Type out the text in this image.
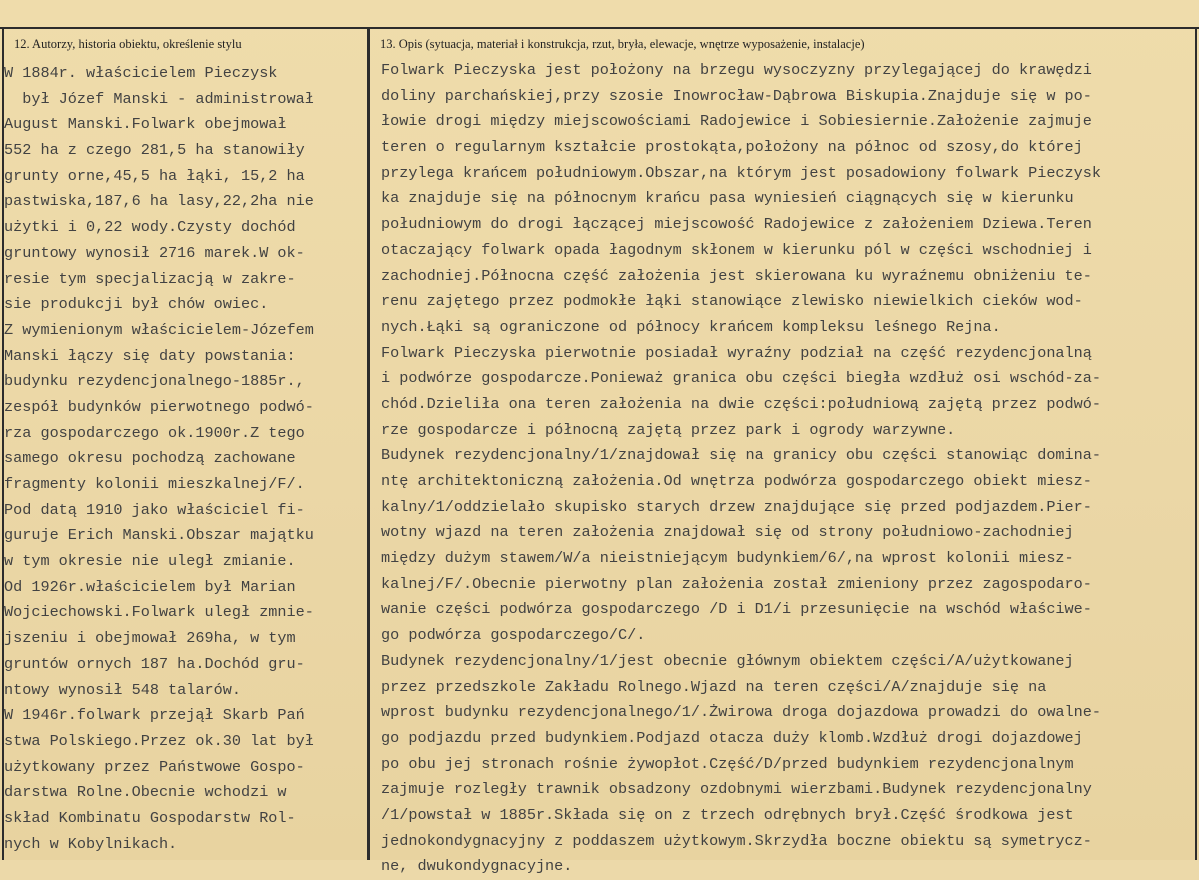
12. Autorzy, historia obiektu, określenie stylu	13. Opis (sytuacja, materiał i konstrukcja, rzut, bryła, elewacje, wnętrze wyposażenie, instalacje)
W 1884r. właścicielem Pieczysk
był Józef Manski - administrował
August Manski.Folwark obejmował
552 ha z czego 281,5 ha stanowiły
grunty orne,45,5 ha łąki, 15,2 ha
pastwiska,187,6 ha lasy,22,2ha nie
użytki i 0,22 wody.Czysty dochód
gruntowy wynosił 2716 marek.W ok-
resie tym specjalizacją w zakre-
sie produkcji był chów owiec.
Z wymienionym właścicielem-Józefem
Manski łączy się daty powstania:
budynku rezydencjonalnego-1885r.,
zespół budynków pierwotnego podwó-
rza gospodarczego ok.1900r.Z tego
samego okresu pochodzą zachowane
fragmenty kolonii mieszkalnej/F/.
Pod datą 1910 jako właściciel fi-
guruje Erich Manski.Obszar majątku
w tym okresie nie uległ zmianie.
Od 1926r.właścicielem był Marian
Wojciechowski.Folwark uległ zmnie-
jszeniu i obejmował 269ha, w tym
gruntów ornych 187 ha.Dochód gru-
ntowy wynosił 548 talarów.
W 1946r.folwark przejął Skarb Pań
stwa Polskiego.Przez ok.30 lat był
użytkowany przez Państwowe Gospo-
darstwa Rolne.Obecnie wchodzi w
skład Kombinatu Gospodarstw Rol-
nych w Kobylnikach.
Folwark Pieczyska jest położony na brzegu wysoczyzny przylegającej do krawędzi
doliny parchańskiej,przy szosie Inowrocław-Dąbrowa Biskupia.Znajduje się w po-
łowie drogi między miejscowościami Radojewice i Sobiesiernie.Założenie zajmuje
teren o regularnym kształcie prostokąta,położony na północ od szosy,do której
przylega krańcem południowym.Obszar,na którym jest posadowiony folwark Pieczysk
ka znajduje się na północnym krańcu pasa wyniesień ciągnących się w kierunku
południowym do drogi łączącej miejscowość Radojewice z założeniem Dziewa.Teren
otaczający folwark opada łagodnym skłonem w kierunku pól w części wschodniej i
zachodniej.Północna część założenia jest skierowana ku wyraźnemu obniżeniu te-
renu zajętego przez podmokłe łąki stanowiące zlewisko niewielkich cieków wod-
nych.Łąki są ograniczone od północy krańcem kompleksu leśnego Rejna.
Folwark Pieczyska pierwotnie posiadał wyraźny podział na część rezydencjonalną
i podwórze gospodarcze.Ponieważ granica obu części biegła wzdłuż osi wschód-za-
chód.Dzieliła ona teren założenia na dwie części:południową zajętą przez podwó-
rze gospodarcze i północną zajętą przez park i ogrody warzywne.
Budynek rezydencjonalny/1/znajdował się na granicy obu części stanowiąc domina-
ntę architektoniczną założenia.Od wnętrza podwórza gospodarczego obiekt miesz-
kalny/1/oddzielało skupisko starych drzew znajdujące się przed podjazdem.Pier-
wotny wjazd na teren założenia znajdował się od strony południowo-zachodniej
między dużym stawem/W/a nieistniejącym budynkiem/6/,na wprost kolonii miesz-
kalnej/F/.Obecnie pierwotny plan założenia został zmieniony przez zagospodaro-
wanie części podwórza gospodarczego /D i D1/i przesunięcie na wschód właściwe-
go podwórza gospodarczego/C/.
Budynek rezydencjonalny/1/jest obecnie głównym obiektem części/A/użytkowanej
przez przedszkole Zakładu Rolnego.Wjazd na teren części/A/znajduje się na
wprost budynku rezydencjonalnego/1/.Żwirowa droga dojazdowa prowadzi do owalne-
go podjazdu przed budynkiem.Podjazd otacza duży klomb.Wzdłuż drogi dojazdowej
po obu jej stronach rośnie żywopłot.Część/D/przed budynkiem rezydencjonalnym
zajmuje rozległy trawnik obsadzony ozdobnymi wierzbami.Budynek rezydencjonalny
/1/powstał w 1885r.Składa się on z trzech odrębnych brył.Część środkowa jest
jednokondygnacyjny z poddaszem użytkowym.Skrzydła boczne obiektu są symetrycz-
ne, dwukondygnacyjne.
